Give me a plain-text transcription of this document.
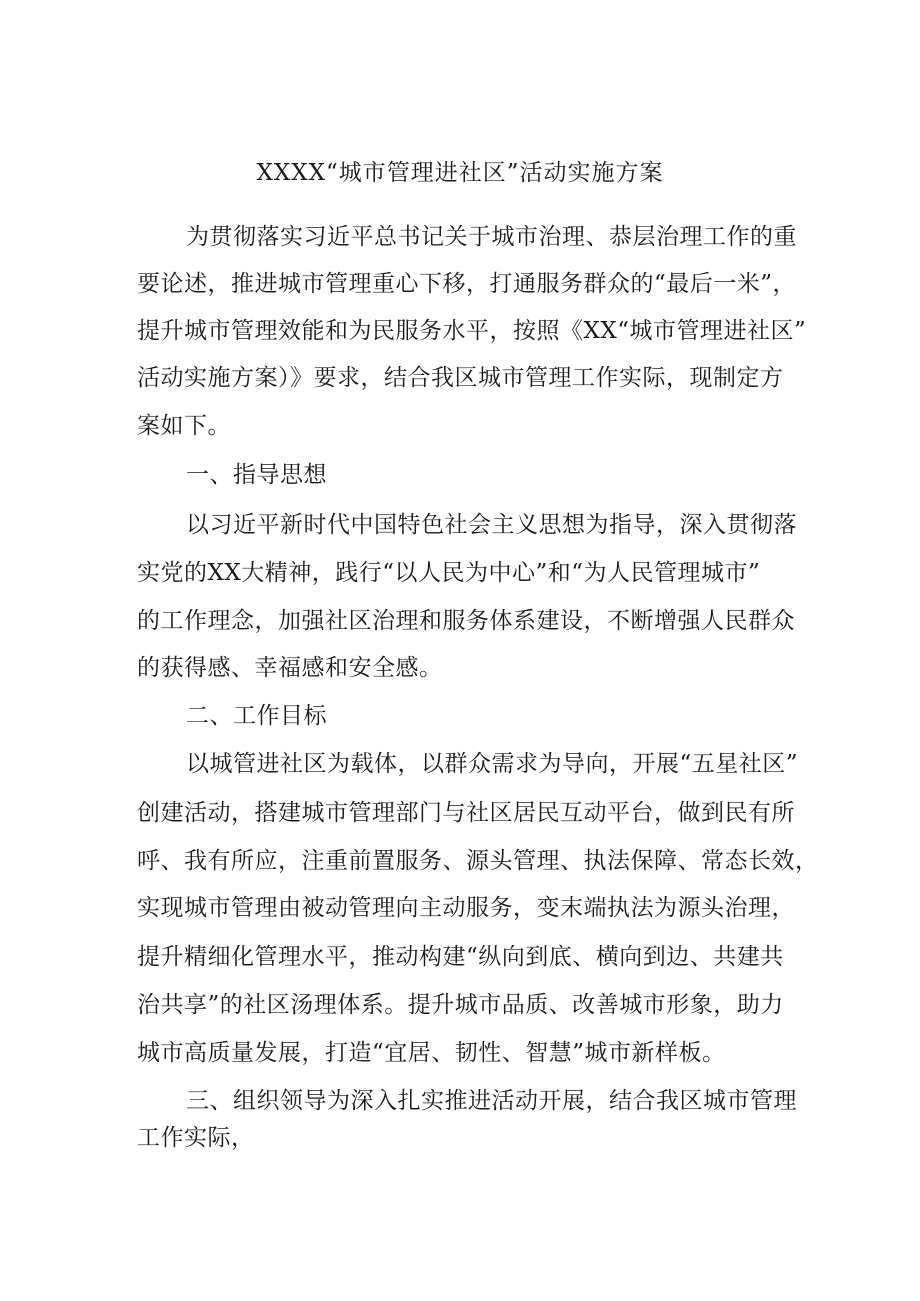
XXXX“城市管理进社区”活动实施方案
为贯彻落实习近平总书记关于城市治理、恭层治理工作的重
要论述，推进城市管理重心下移，打通服务群众的“最后一米”，
提升城市管理效能和为民服务水平，按照《XX“城市管理进社区”
活动实施方案）》要求，结合我区城市管理工作实际，现制定方
案如下。
一、指导思想
以习近平新时代中国特色社会主义思想为指导，深入贯彻落
实党的XX大精神，践行“以人民为中心”和“为人民管理城市”
的工作理念，加强社区治理和服务体系建设，不断增强人民群众
的获得感、幸福感和安全感。
二、工作目标
以城管进社区为载体，以群众需求为导向，开展“五星社区”
创建活动，搭建城市管理部门与社区居民互动平台，做到民有所
呼、我有所应，注重前置服务、源头管理、执法保障、常态长效，
实现城市管理由被动管理向主动服务，变末端执法为源头治理，
提升精细化管理水平，推动构建“纵向到底、横向到边、共建共
治共享”的社区汤理体系。提升城市品质、改善城市形象，助力
城市高质量发展，打造“宜居、韧性、智慧”城市新样板。
三、组织领导为深入扎实推进活动开展，结合我区城市管理
工作实际，
